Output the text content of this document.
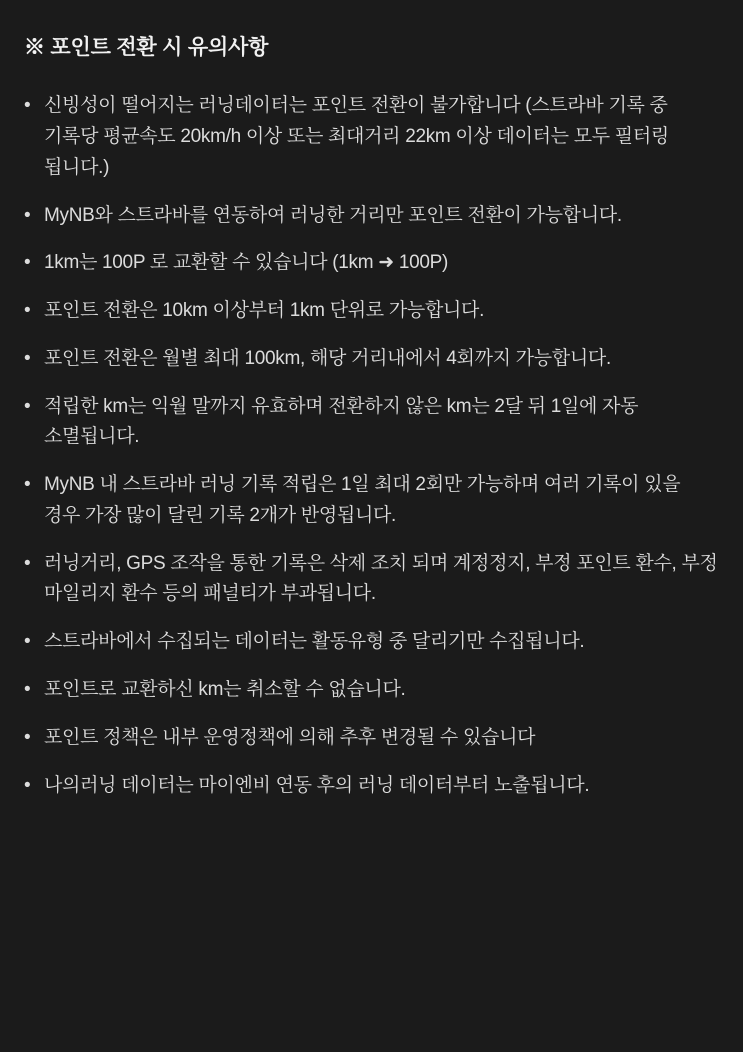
※ 포인트 전환 시 유의사항
• 신빙성이 떨어지는 러닝데이터는 포인트 전환이 불가합니다 (스트라바 기록 중 기록당 평균속도 20km/h 이상 또는 최대거리 22km 이상 데이터는 모두 필터링 됩니다.)
• MyNB와 스트라바를 연동하여 러닝한 거리만 포인트 전환이 가능합니다.
• 1km는 100P 로 교환할 수 있습니다 (1km ➜ 100P)
• 포인트 전환은 10km 이상부터 1km 단위로 가능합니다.
• 포인트 전환은 월별 최대 100km, 해당 거리내에서 4회까지 가능합니다.
• 적립한 km는 익월 말까지 유효하며 전환하지 않은 km는 2달 뒤 1일에 자동 소멸됩니다.
• MyNB 내 스트라바 러닝 기록 적립은 1일 최대 2회만 가능하며 여러 기록이 있을 경우 가장 많이 달린 기록 2개가 반영됩니다.
• 러닝거리, GPS 조작을 통한 기록은 삭제 조치 되며 계정정지, 부정 포인트 환수, 부정 마일리지 환수 등의 패널티가 부과됩니다.
• 스트라바에서 수집되는 데이터는 활동유형 중 달리기만 수집됩니다.
• 포인트로 교환하신 km는 취소할 수 없습니다.
• 포인트 정책은 내부 운영정책에 의해 추후 변경될 수 있습니다
• 나의러닝 데이터는 마이엔비 연동 후의 러닝 데이터부터 노출됩니다.
